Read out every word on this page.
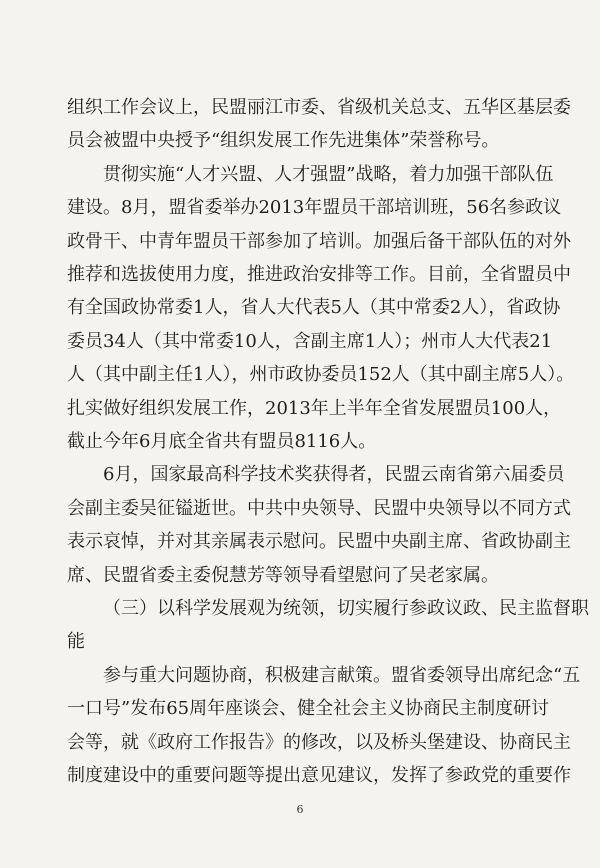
组织工作会议上，民盟丽江市委、省级机关总支、五华区基层委
员会被盟中央授予“组织发展工作先进集体”荣誉称号。
贯彻实施“人才兴盟、人才强盟”战略，着力加强干部队伍
建设。8月，盟省委举办2013年盟员干部培训班，56名参政议
政骨干、中青年盟员干部参加了培训。加强后备干部队伍的对外
推荐和选拔使用力度，推进政治安排等工作。目前，全省盟员中
有全国政协常委1人，省人大代表5人（其中常委2人），省政协
委员34人（其中常委10人，含副主席1人）；州市人大代表21
人（其中副主任1人），州市政协委员152人（其中副主席5人）。
扎实做好组织发展工作，2013年上半年全省发展盟员100人，
截止今年6月底全省共有盟员8116人。
6月，国家最高科学技术奖获得者，民盟云南省第六届委员
会副主委吴征镒逝世。中共中央领导、民盟中央领导以不同方式
表示哀悼，并对其亲属表示慰问。民盟中央副主席、省政协副主
席、民盟省委主委倪慧芳等领导看望慰问了吴老家属。
（三）以科学发展观为统领，切实履行参政议政、民主监督职
能
参与重大问题协商，积极建言献策。盟省委领导出席纪念“五
一口号”发布65周年座谈会、健全社会主义协商民主制度研讨
会等，就《政府工作报告》的修改，以及桥头堡建设、协商民主
制度建设中的重要问题等提出意见建议，发挥了参政党的重要作
6
